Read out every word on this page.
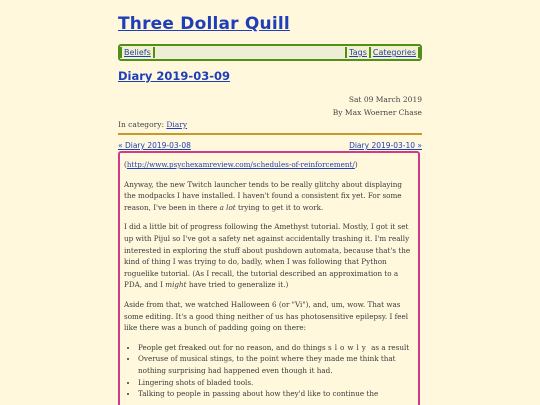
Three Dollar Quill
Beliefs	Tags Categories
Diary 2019-03-09
Sat 09 March 2019
By Max Woerner Chase
In category: Diary
« Diary 2019-03-08	Diary 2019-03-10 »

(http://www.psychexamreview.com/schedules-of-reinforcement/)

Anyway, the new Twitch launcher tends to be really glitchy about displaying the modpacks I have installed. I haven't found a consistent fix yet. For some reason, I've been in there a lot trying to get it to work.

I did a little bit of progress following the Amethyst tutorial. Mostly, I got it set up with Pijul so I've got a safety net against accidentally trashing it. I'm really interested in exploring the stuff about pushdown automata, because that's the kind of thing I was trying to do, badly, when I was following that Python roguelike tutorial. (As I recall, the tutorial described an approximation to a PDA, and I might have tried to generalize it.)

Aside from that, we watched Halloween 6 (or "Vi"), and, um, wow. That was some editing. It's a good thing neither of us has photosensitive epilepsy. I feel like there was a bunch of padding going on there:

• People get freaked out for no reason, and do things slowly as a result
• Overuse of musical stings, to the point where they made me think that nothing surprising had happened even though it had.
• Lingering shots of bladed tools.
• Talking to people in passing about how they'd like to continue the
